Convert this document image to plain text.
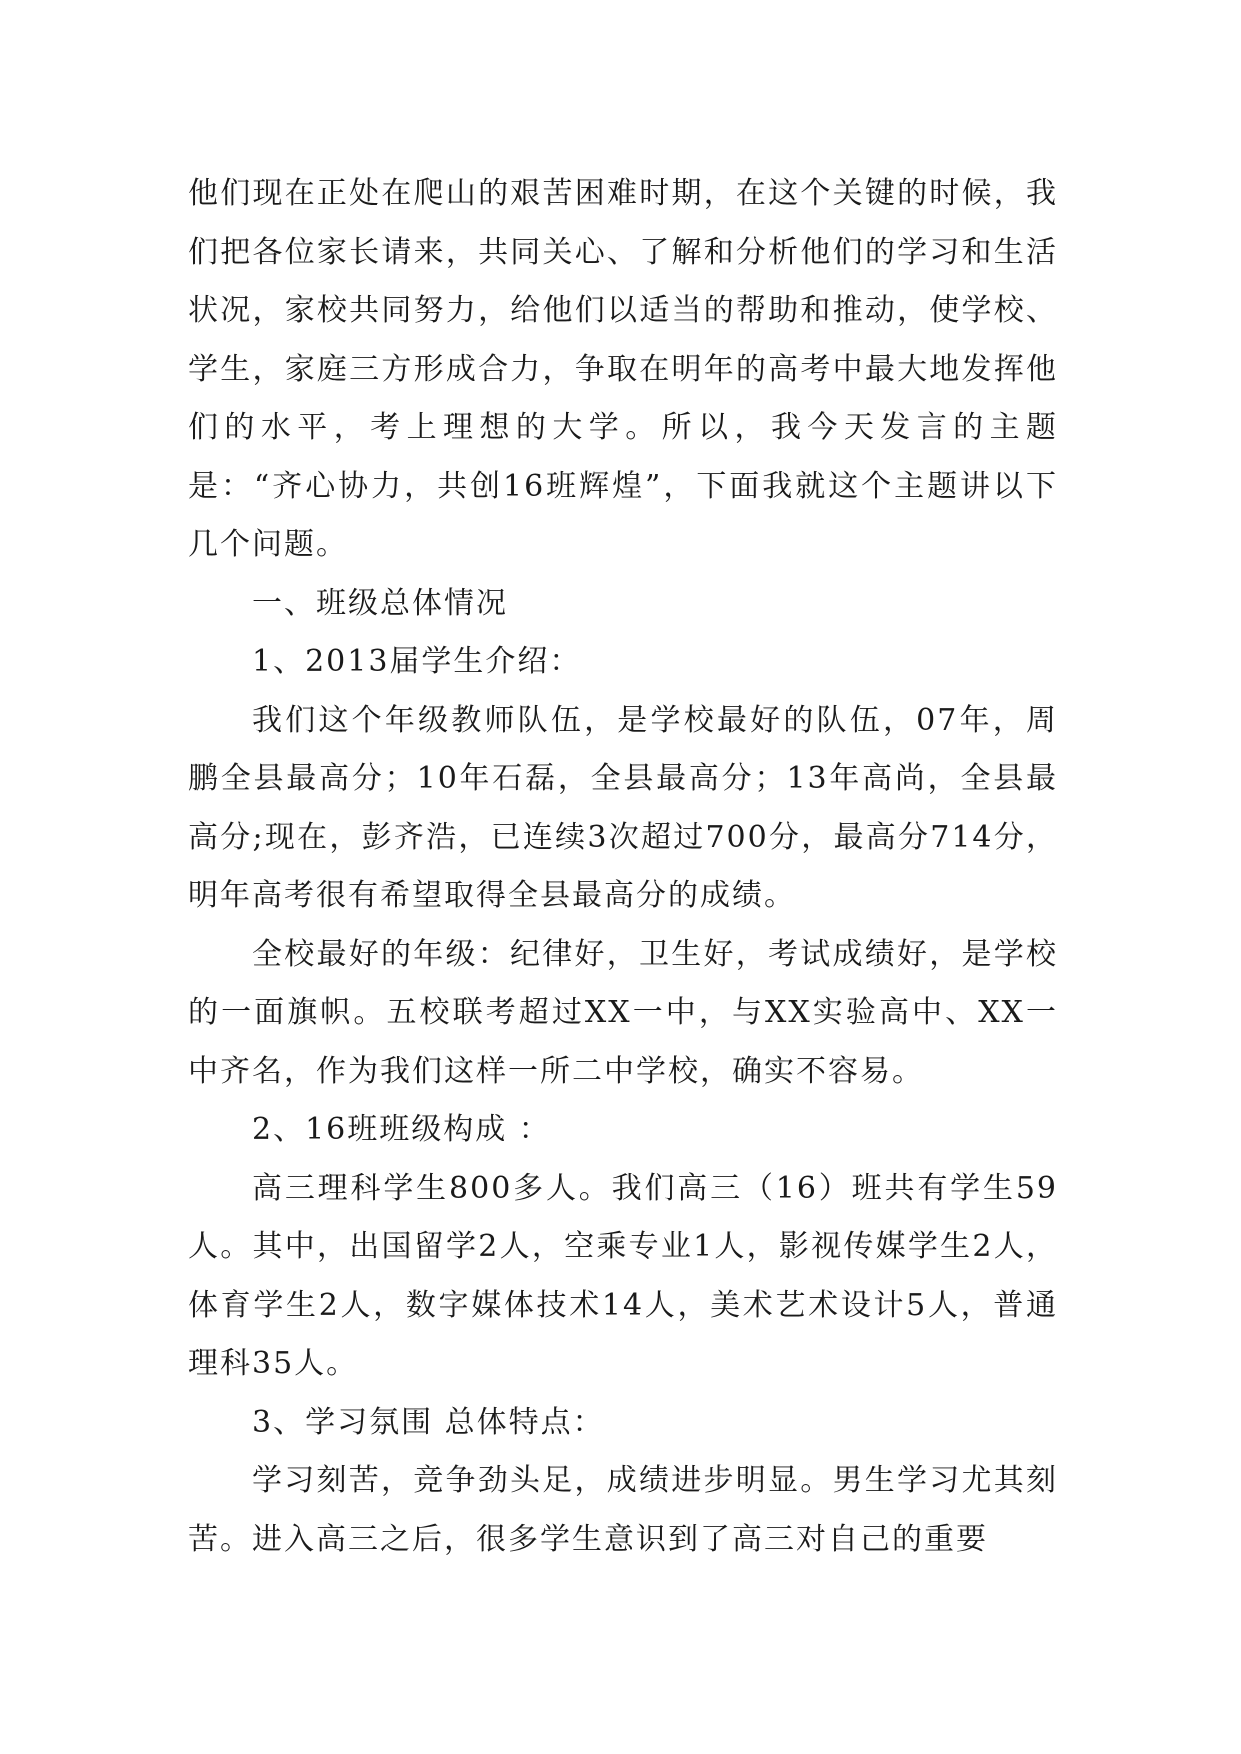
他们现在正处在爬山的艰苦困难时期，在这个关键的时候，我们把各位家长请来，共同关心、了解和分析他们的学习和生活状况，家校共同努力，给他们以适当的帮助和推动，使学校、学生，家庭三方形成合力，争取在明年的高考中最大地发挥他们的水平，考上理想的大学。所以，我今天发言的主题是：“齐心协力，共创16班辉煌”，下面我就这个主题讲以下几个问题。

一、班级总体情况

1、2013届学生介绍：

我们这个年级教师队伍，是学校最好的队伍，07年，周鹏全县最高分；10年石磊，全县最高分；13年高尚，全县最高分;现在，彭齐浩，已连续3次超过700分，最高分714分，明年高考很有希望取得全县最高分的成绩。

全校最好的年级：纪律好，卫生好，考试成绩好，是学校的一面旗帜。五校联考超过XX一中，与XX实验高中、XX一中齐名，作为我们这样一所二中学校，确实不容易。

2、16班班级构成 ：

高三理科学生800多人。我们高三（16）班共有学生59人。其中，出国留学2人，空乘专业1人，影视传媒学生2人，体育学生2人，数字媒体技术14人，美术艺术设计5人，普通理科35人。

3、学习氛围 总体特点：

学习刻苦，竞争劲头足，成绩进步明显。男生学习尤其刻苦。进入高三之后，很多学生意识到了高三对自己的重要
